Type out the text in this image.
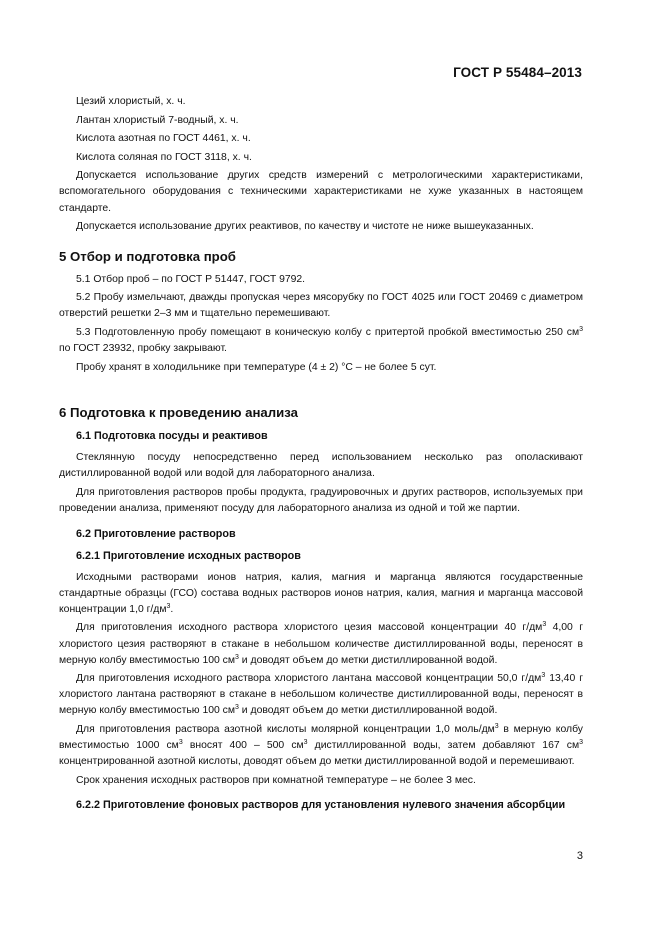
ГОСТ Р 55484–2013

Цезий хлористый, х. ч.

Лантан хлористый 7-водный, х. ч.

Кислота азотная по ГОСТ 4461, х. ч.

Кислота соляная по ГОСТ 3118, х. ч.

Допускается использование других средств измерений с метрологическими характеристиками, вспомогательного оборудования с техническими характеристиками не хуже указанных в настоящем стандарте.

Допускается использование других реактивов, по качеству и чистоте не ниже вышеуказанных.

5 Отбор и подготовка проб

5.1 Отбор проб – по ГОСТ Р 51447, ГОСТ 9792.

5.2 Пробу измельчают, дважды пропуская через мясорубку по ГОСТ 4025 или ГОСТ 20469 с диаметром отверстий решетки 2–3 мм и тщательно перемешивают.

5.3 Подготовленную пробу помещают в коническую колбу с притертой пробкой вместимостью 250 $см^3$ по ГОСТ 23932, пробку закрывают.

Пробу хранят в холодильнике при температуре (4 ± 2) °С – не более 5 сут.

6 Подготовка к проведению анализа
6.1 Подготовка посуды и реактивов

Стеклянную посуду непосредственно перед использованием несколько раз ополаскивают дистиллированной водой или водой для лабораторного анализа.

Для приготовления растворов пробы продукта, градуировочных и других растворов, используемых при проведении анализа, применяют посуду для лабораторного анализа из одной и той же партии.

6.2 Приготовление растворов
6.2.1 Приготовление исходных растворов

Исходными растворами ионов натрия, калия, магния и марганца являются государственные стандартные образцы (ГСО) состава водных растворов ионов натрия, калия, магния и марганца массовой концентрации 1,0 $г/дм^3$.

Для приготовления исходного раствора хлористого цезия массовой концентрации 40 $г/дм^3$ 4,00 г хлористого цезия растворяют в стакане в небольшом количестве дистиллированной воды, переносят в мерную колбу вместимостью 100 $см^3$ и доводят объем до метки дистиллированной водой.

Для приготовления исходного раствора хлористого лантана массовой концентрации 50,0 $г/дм^3$ 13,40 г хлористого лантана растворяют в стакане в небольшом количестве дистиллированной воды, переносят в мерную колбу вместимостью 100 $см^3$ и доводят объем до метки дистиллированной водой.

Для приготовления раствора азотной кислоты молярной концентрации 1,0 моль/$дм^3$ в мерную колбу вместимостью 1000 $см^3$ вносят 400 – 500 $см^3$ дистиллированной воды, затем добавляют 167 $см^3$ концентрированной азотной кислоты, доводят объем до метки дистиллированной водой и перемешивают.

Срок хранения исходных растворов при комнатной температуре – не более 3 мес.

6.2.2 Приготовление фоновых растворов для установления нулевого значения абсорбции
3
